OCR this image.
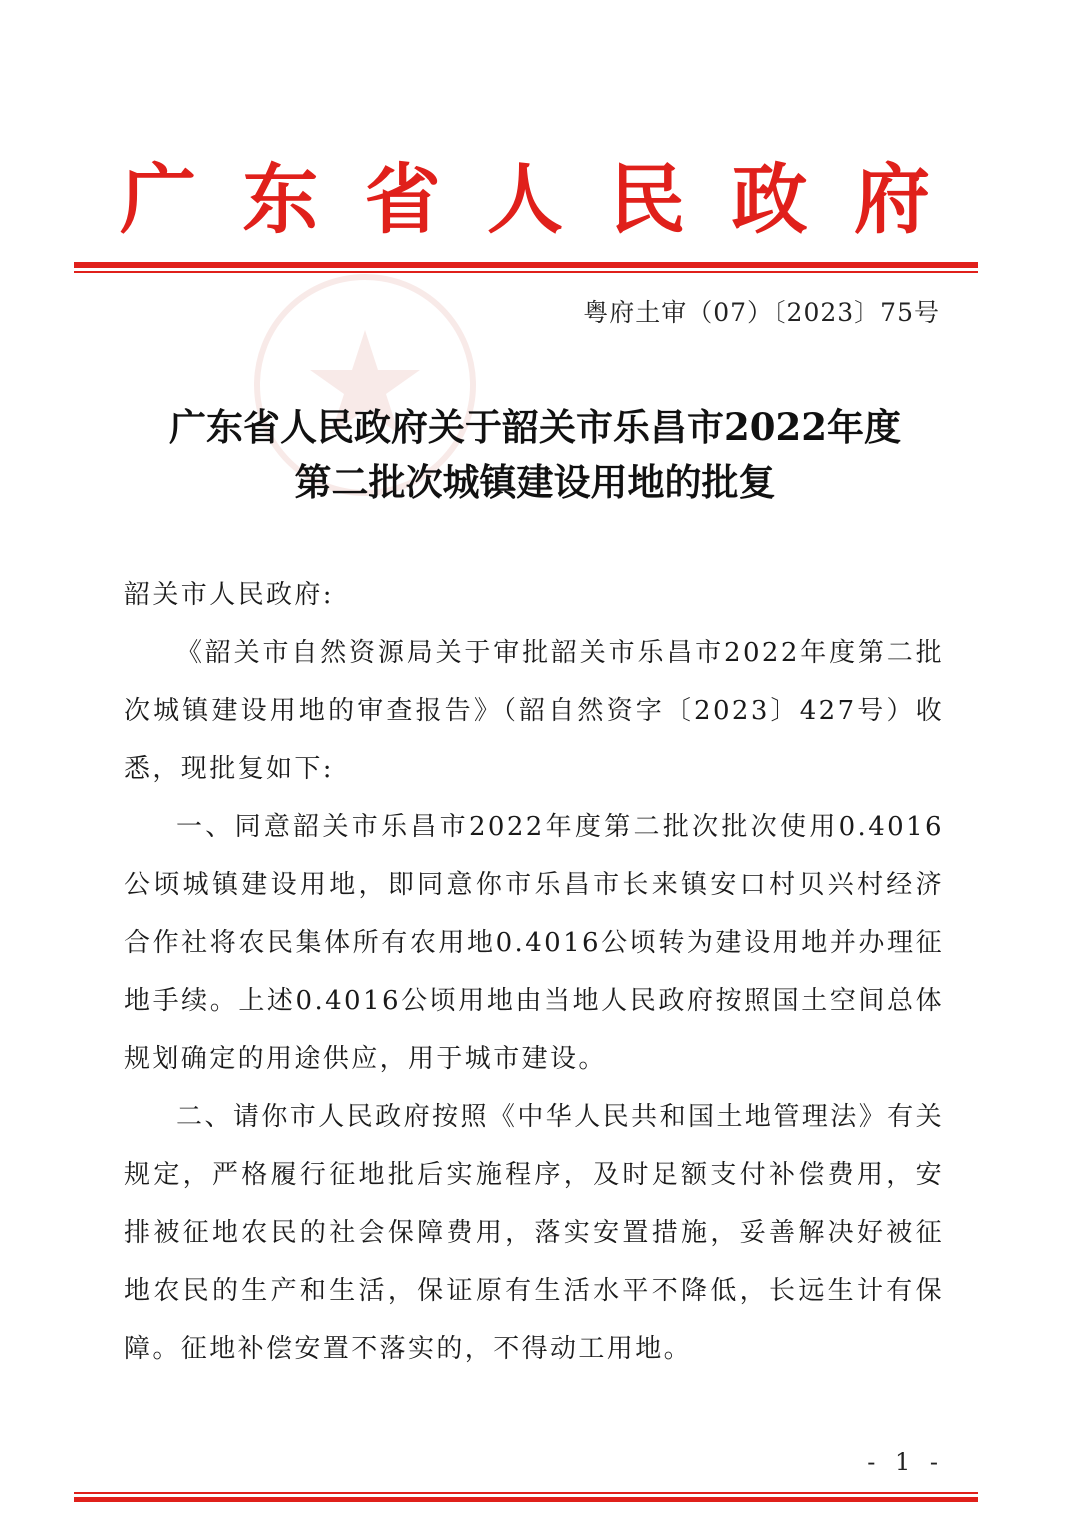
广 东 省 人 民 政 府
粤府土审（07）〔2023〕75号
广东省人民政府关于韶关市乐昌市2022年度
第二批次城镇建设用地的批复

韶关市人民政府:

《韶关市自然资源局关于审批韶关市乐昌市2022年度第二批次城镇建设用地的审查报告》（韶自然资字〔2023〕427号）收悉，现批复如下:

一、同意韶关市乐昌市2022年度第二批次批次使用0.4016公顷城镇建设用地，即同意你市乐昌市长来镇安口村贝兴村经济合作社将农民集体所有农用地0.4016公顷转为建设用地并办理征地手续。上述0.4016公顷用地由当地人民政府按照国土空间总体规划确定的用途供应，用于城市建设。

二、请你市人民政府按照《中华人民共和国土地管理法》有关规定，严格履行征地批后实施程序，及时足额支付补偿费用，安排被征地农民的社会保障费用，落实安置措施，妥善解决好被征地农民的生产和生活，保证原有生活水平不降低，长远生计有保障。征地补偿安置不落实的，不得动工用地。

- 1 -
